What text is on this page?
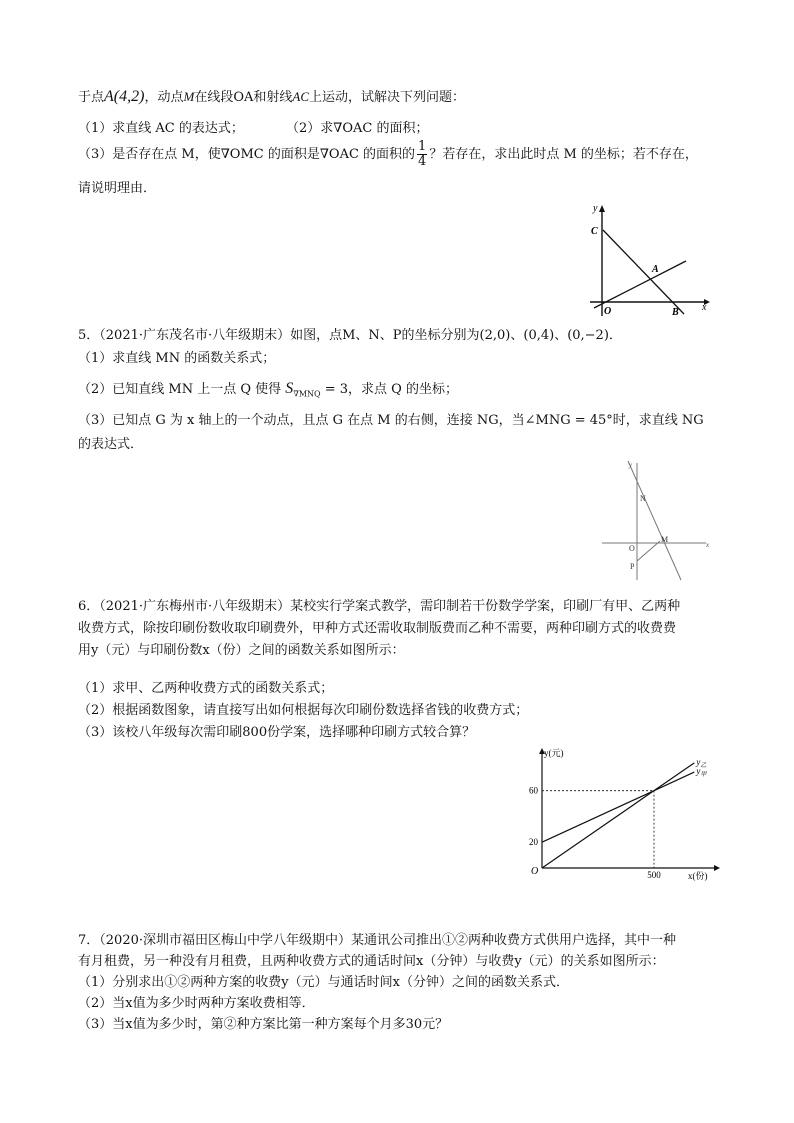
于点A(4,2)，动点M在线段OA和射线AC上运动，试解决下列问题：
（1）求直线 AC 的表达式；	（2）求∇OAC 的面积；
（3）是否存在点 M，使∇OMC 的面积是∇OAC 的面积的 $\frac{1}{4}$ ？若存在，求出此时点 M 的坐标；若不存在，
请说明理由．
y
C
A
O	B x
5．（2021·广东茂名市·八年级期末）如图，点M、N、P的坐标分别为(2,0)、(0,4)、(0,−2)．
（1）求直线 MN 的函数关系式；
（2）已知直线 MN 上一点 Q 使得 $S_{\nabla MNQ} = 3$，求点 Q 的坐标；
（3）已知点 G 为 x 轴上的一个动点，且点 G 在点 M 的右侧，连接 NG，当∠MNG = 45°时，求直线 NG
的表达式．
y
N
O
M
P
x
6．（2021·广东梅州市·八年级期末）某校实行学案式教学，需印制若干份数学学案，印刷厂有甲、乙两种
收费方式，除按印刷份数收取印刷费外，甲种方式还需收取制版费而乙种不需要，两种印刷方式的收费费
用y（元）与印刷份数x（份）之间的函数关系如图所示：
（1）求甲、乙两种收费方式的函数关系式；
（2）根据函数图象，请直接写出如何根据每次印刷份数选择省钱的收费方式；
（3）该校八年级每次需印刷800份学案，选择哪种印刷方式较合算？
y(元)
x(份)
O
20
60
500
$y_乙$
$y_甲$
7．（2020·深圳市福田区梅山中学八年级期中）某通讯公司推出①②两种收费方式供用户选择，其中一种
有月租费，另一种没有月租费，且两种收费方式的通话时间x（分钟）与收费y（元）的关系如图所示：
（1）分别求出①②两种方案的收费y（元）与通话时间x（分钟）之间的函数关系式．
（2）当x值为多少时两种方案收费相等．
（3）当x值为多少时，第②种方案比第一种方案每个月多30元？
